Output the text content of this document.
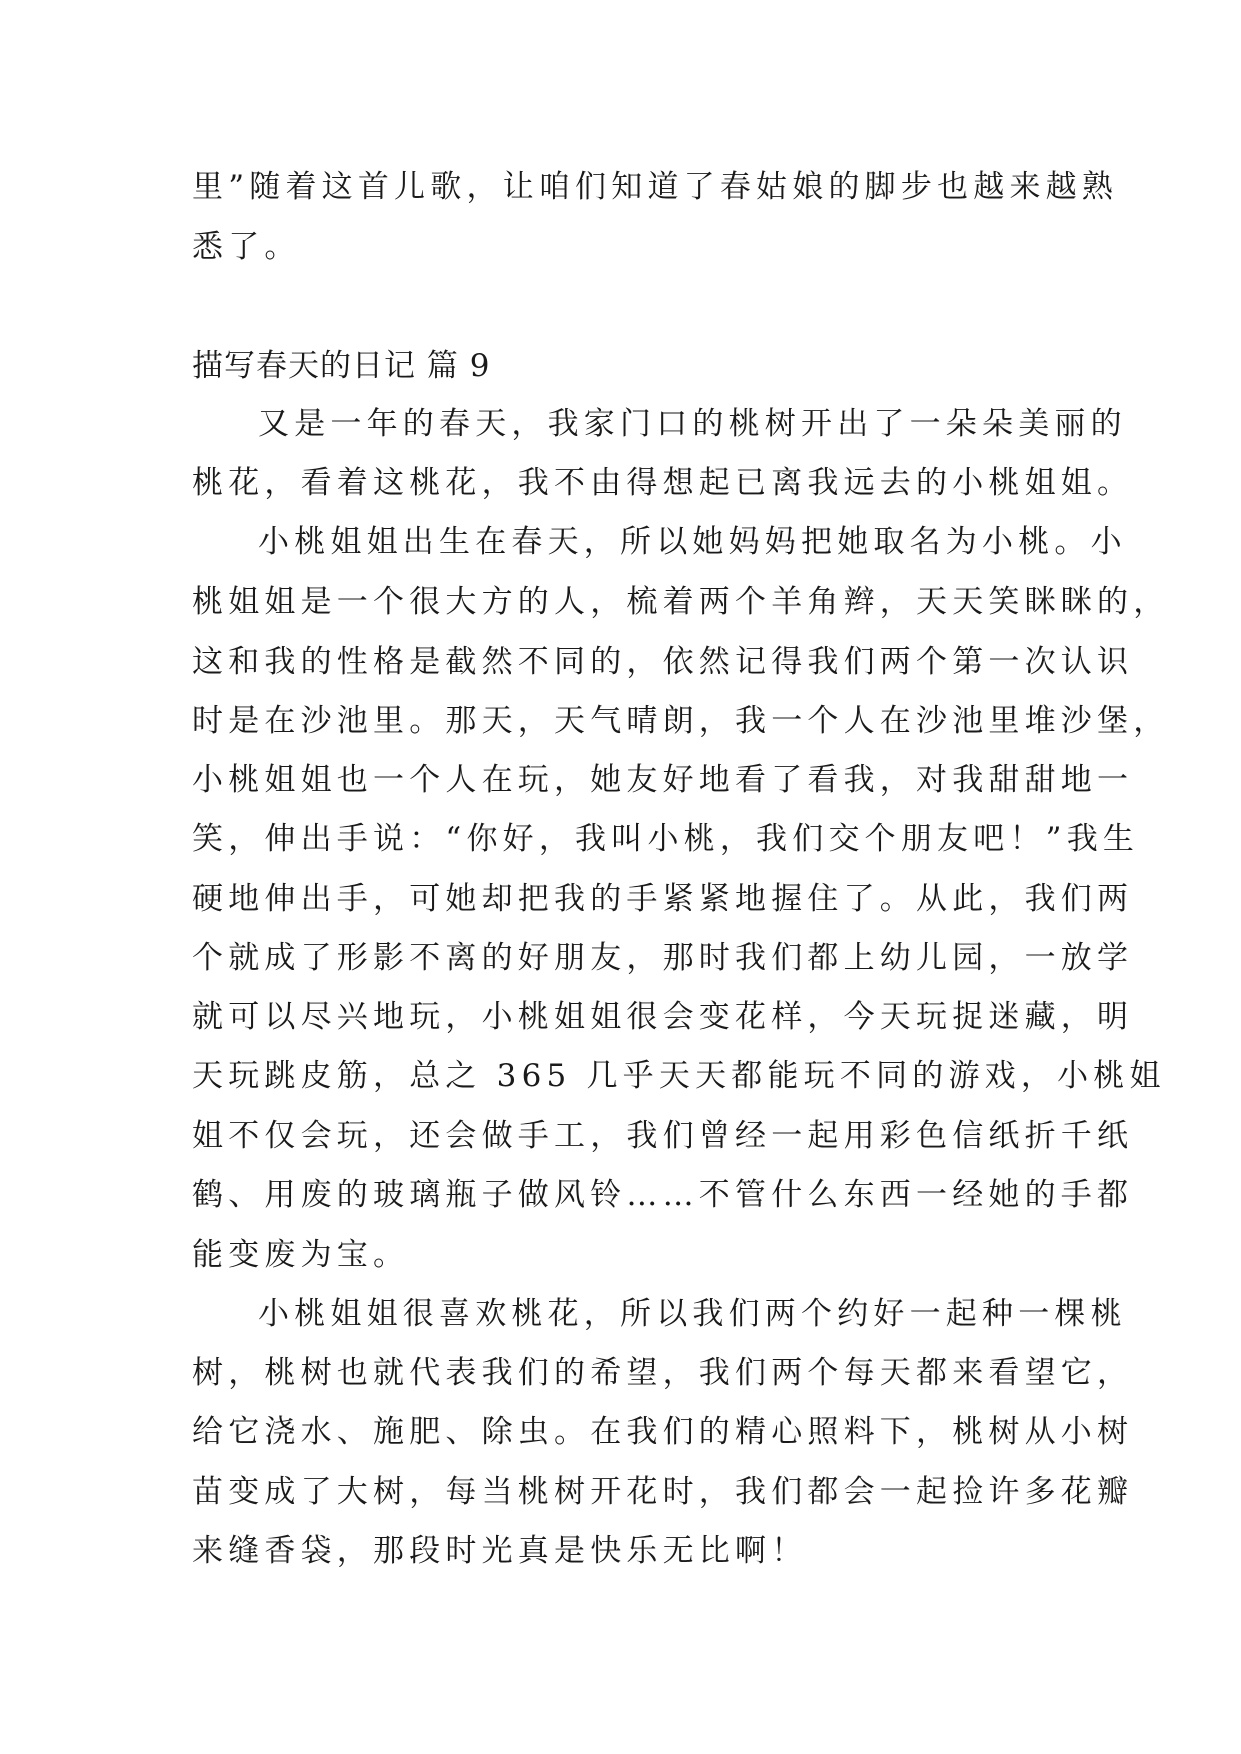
里”随着这首儿歌，让咱们知道了春姑娘的脚步也越来越熟
悉了。
描写春天的日记 篇 9
又是一年的春天，我家门口的桃树开出了一朵朵美丽的
桃花，看着这桃花，我不由得想起已离我远去的小桃姐姐。
小桃姐姐出生在春天，所以她妈妈把她取名为小桃。小
桃姐姐是一个很大方的人，梳着两个羊角辫，天天笑眯眯的，
这和我的性格是截然不同的，依然记得我们两个第一次认识
时是在沙池里。那天，天气晴朗，我一个人在沙池里堆沙堡，
小桃姐姐也一个人在玩，她友好地看了看我，对我甜甜地一
笑，伸出手说：“你好，我叫小桃，我们交个朋友吧！”我生
硬地伸出手，可她却把我的手紧紧地握住了。从此，我们两
个就成了形影不离的好朋友，那时我们都上幼儿园，一放学
就可以尽兴地玩，小桃姐姐很会变花样，今天玩捉迷藏，明
天玩跳皮筋，总之 365 几乎天天都能玩不同的游戏，小桃姐
姐不仅会玩，还会做手工，我们曾经一起用彩色信纸折千纸
鹤、用废的玻璃瓶子做风铃……不管什么东西一经她的手都
能变废为宝。
小桃姐姐很喜欢桃花，所以我们两个约好一起种一棵桃
树，桃树也就代表我们的希望，我们两个每天都来看望它，
给它浇水、施肥、除虫。在我们的精心照料下，桃树从小树
苗变成了大树，每当桃树开花时，我们都会一起捡许多花瓣
来缝香袋，那段时光真是快乐无比啊！
